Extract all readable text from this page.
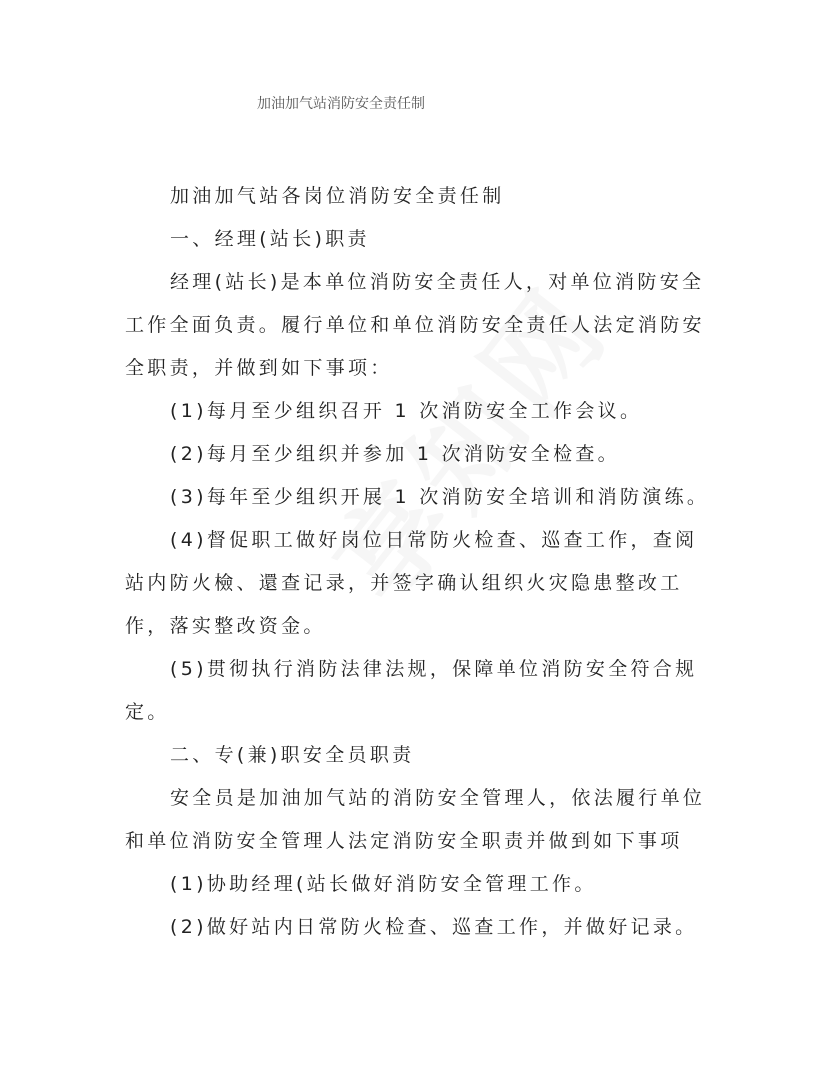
加油加气站消防安全责任制

加油加气站各岗位消防安全责任制

一、经理(站长)职责

经理(站长)是本单位消防安全责任人，对单位消防安全工作全面负责。履行单位和单位消防安全责任人法定消防安全职责，并做到如下事项：

(1)每月至少组织召开 1 次消防安全工作会议。

(2)每月至少组织并参加 1 次消防安全检查。

(3)每年至少组织开展 1 次消防安全培训和消防演练。

(4)督促职工做好岗位日常防火检查、巡查工作，查阅站内防火檢、還查记录，并签字确认组织火灾隐患整改工作，落实整改资金。

(5)贯彻执行消防法律法规，保障单位消防安全符合规定。

二、专(兼)职安全员职责

安全员是加油加气站的消防安全管理人，依法履行单位和单位消防安全管理人法定消防安全职责并做到如下事项

(1)协助经理(站长做好消防安全管理工作。

(2)做好站内日常防火检查、巡查工作，并做好记录。
